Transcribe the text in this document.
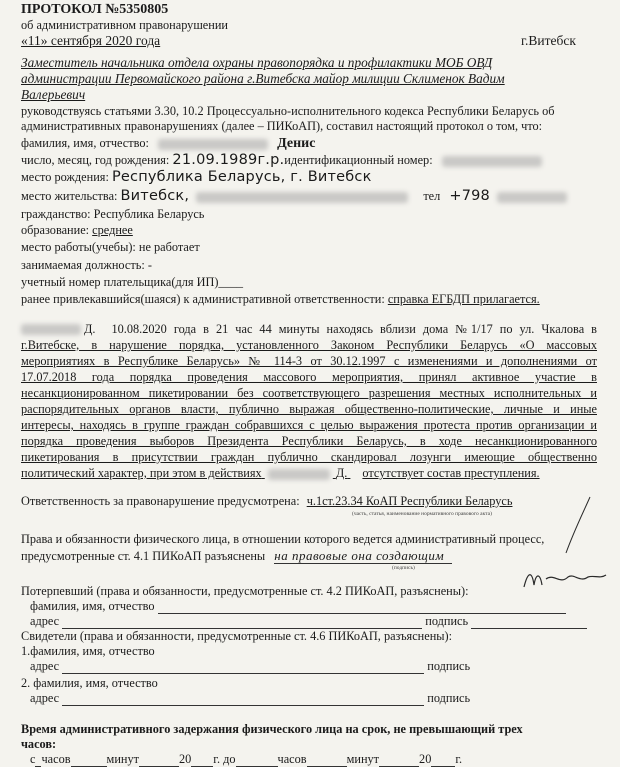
ПРОТОКОЛ №5350805
об административном правонарушении
«11» сентября 2020 года	г.Витебск
Заместитель начальника отдела охраны правопорядка и профилактики МОБ ОВД
администрации Первомайского района г.Витебска майор милиции Склименок Вадим
Валерьевич
руководствуясь статьями 3.30, 10.2 Процессуально-исполнительного кодекса Республики Беларусь об
административных правонарушениях (далее – ПИКоАП), составил настоящий протокол о том, что:
фамилия, имя, отчество:	Денис
число, месяц, год рождения: 21.09.1989г.р.идентификационный номер:
место рождения: Республика Беларусь, г. Витебск
место жительства: Витебск,	тел +798
гражданство: Республика Беларусь
образование: среднее
место работы(учебы): не работает
занимаемая должность: -
учетный номер плательщика(для ИП)____
ранее привлекавшийся(шаяся) к административной ответственности: справка ЕГБДП прилагается.
Д. 10.08.2020 года в 21 час 44 минуты находясь вблизи дома №1/17 по ул. Чкалова в
г.Витебске, в нарушение порядка, установленного Законом Республики Беларусь «О массовых
мероприятиях в Республике Беларусь» № 114-3 от 30.12.1997 с изменениями и дополнениями от
17.07.2018 года порядка проведения массового мероприятия, принял активное участие в
несанкционированном пикетировании без соответствующего разрешения местных исполнительных и
распорядительных органов власти, публично выражая общественно-политические, личные и иные
интересы, находясь в группе граждан собравшихся с целью выражения протеста против организации и
порядка проведения выборов Президента Республики Беларусь, в ходе несанкционированного
пикетирования в присутствии граждан публично скандировал лозунги имеющие общественно
политический характер, при этом в действиях	Д. отсутствует состав преступления.
Ответственность за правонарушение предусмотрена: ч.1ст.23.34 КоАП Республики Беларусь
(часть, статья, наименование нормативного правового акта)
Права и обязанности физического лица, в отношении которого ведется административный процесс,
предусмотренные ст. 4.1 ПИКоАП разъяснены на правовые она создающим
(подпись)
Потерпевший (права и обязанности, предусмотренные ст. 4.2 ПИКоАП, разъяснены):
фамилия, имя, отчество
адрес	подпись
Свидетели (права и обязанности, предусмотренные ст. 4.6 ПИКоАП, разъяснены):
1.фамилия, имя, отчество
адрес	подпись
2. фамилия, имя, отчество
адрес	подпись
Время административного задержания физического лица на срок, не превышающий трех
часов:
с часов	минут	20 г. до	часов	минут	20 г.
